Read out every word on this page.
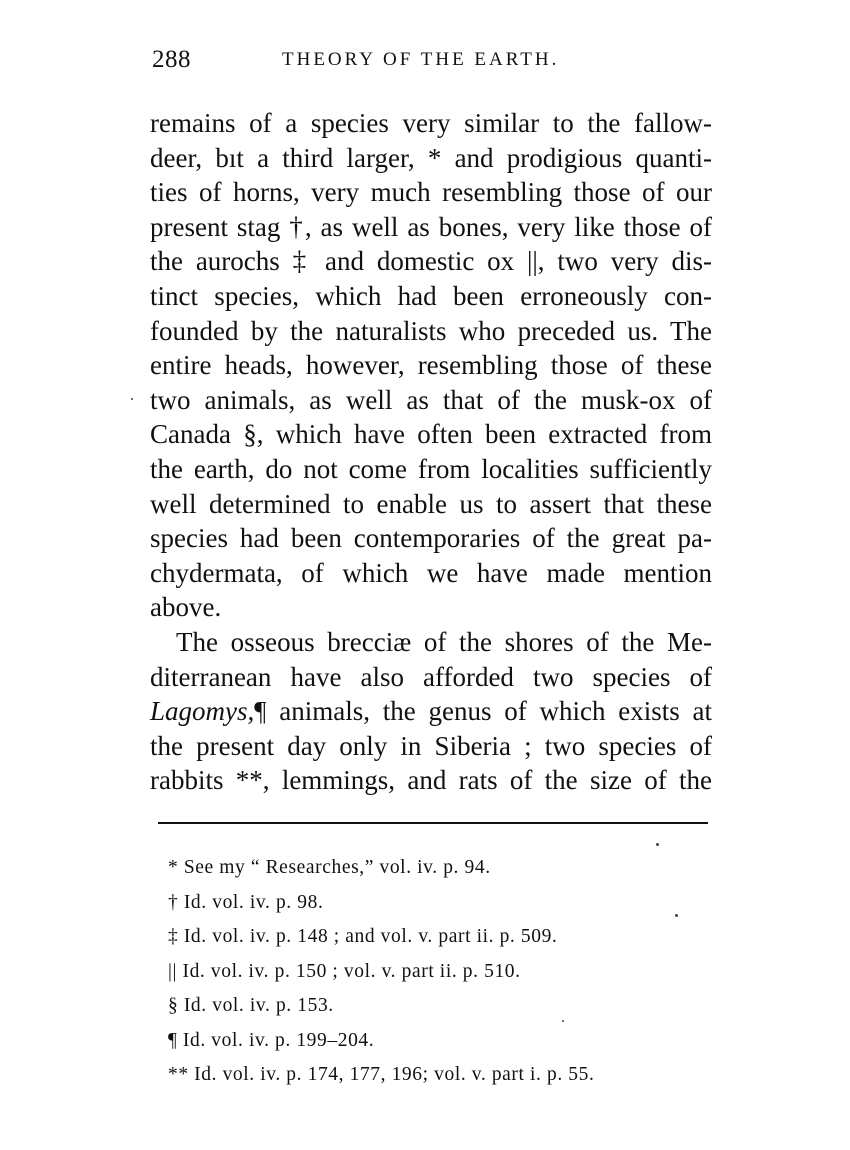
288	THEORY OF THE EARTH.
remains of a species very similar to the fallow-
deer, bıt a third larger, * and prodigious quanti-
ties of horns, very much resembling those of our
present stag †, as well as bones, very like those of
the aurochs ‡ and domestic ox ||, two very dis-
tinct species, which had been erroneously con-
founded by the naturalists who preceded us. The
entire heads, however, resembling those of these
two animals, as well as that of the musk-ox of
Canada §, which have often been extracted from
the earth, do not come from localities sufficiently
well determined to enable us to assert that these
species had been contemporaries of the great pa-
chydermata, of which we have made mention
above.
The osseous brecciæ of the shores of the Me-
diterranean have also afforded two species of
Lagomys,¶ animals, the genus of which exists at
the present day only in Siberia ; two species of
rabbits **, lemmings, and rats of the size of the
* See my “ Researches,” vol. iv. p. 94.
† Id. vol. iv. p. 98.
‡ Id. vol. iv. p. 148 ; and vol. v. part ii. p. 509.
|| Id. vol. iv. p. 150 ; vol. v. part ii. p. 510.
§ Id. vol. iv. p. 153.
¶ Id. vol. iv. p. 199–204.
** Id. vol. iv. p. 174, 177, 196; vol. v. part i. p. 55.
